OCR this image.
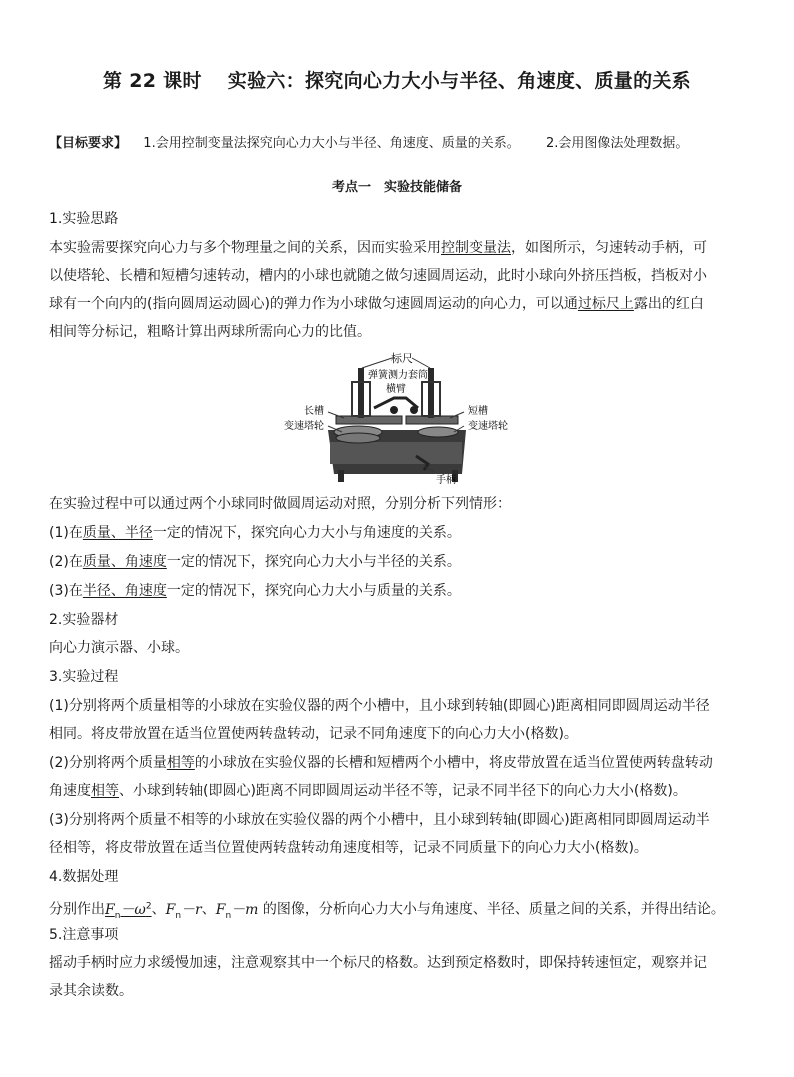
第 22 课时 实验六：探究向心力大小与半径、角速度、质量的关系
【目标要求】 1.会用控制变量法探究向心力大小与半径、角速度、质量的关系。 2.会用图像法处理数据。
考点一　实验技能储备
1.实验思路
本实验需要探究向心力与多个物理量之间的关系，因而实验采用控制变量法，如图所示，匀速转动手柄，可
以使塔轮、长槽和短槽匀速转动，槽内的小球也就随之做匀速圆周运动，此时小球向外挤压挡板，挡板对小
球有一个向内的(指向圆周运动圆心)的弹力作为小球做匀速圆周运动的向心力，可以通过标尺上露出的红白
相间等分标记，粗略计算出两球所需向心力的比值。
标尺
弹簧测力套筒
横臂
长槽
变速塔轮
短槽
变速塔轮
手柄
在实验过程中可以通过两个小球同时做圆周运动对照，分别分析下列情形：
(1)在质量、半径一定的情况下，探究向心力大小与角速度的关系。
(2)在质量、角速度一定的情况下，探究向心力大小与半径的关系。
(3)在半径、角速度一定的情况下，探究向心力大小与质量的关系。
2.实验器材
向心力演示器、小球。
3.实验过程
(1)分别将两个质量相等的小球放在实验仪器的两个小槽中，且小球到转轴(即圆心)距离相同即圆周运动半径
相同。将皮带放置在适当位置使两转盘转动，记录不同角速度下的向心力大小(格数)。
(2)分别将两个质量相等的小球放在实验仪器的长槽和短槽两个小槽中，将皮带放置在适当位置使两转盘转动
角速度相等、小球到转轴(即圆心)距离不同即圆周运动半径不等，记录不同半径下的向心力大小(格数)。
(3)分别将两个质量不相等的小球放在实验仪器的两个小槽中，且小球到转轴(即圆心)距离相同即圆周运动半
径相等，将皮带放置在适当位置使两转盘转动角速度相等，记录不同质量下的向心力大小(格数)。
4.数据处理
分别作出$F_n-\omega^2$、$F_n-r$、$F_n-m$ 的图像，分析向心力大小与角速度、半径、质量之间的关系，并得出结论。
5.注意事项
摇动手柄时应力求缓慢加速，注意观察其中一个标尺的格数。达到预定格数时，即保持转速恒定，观察并记
录其余读数。
